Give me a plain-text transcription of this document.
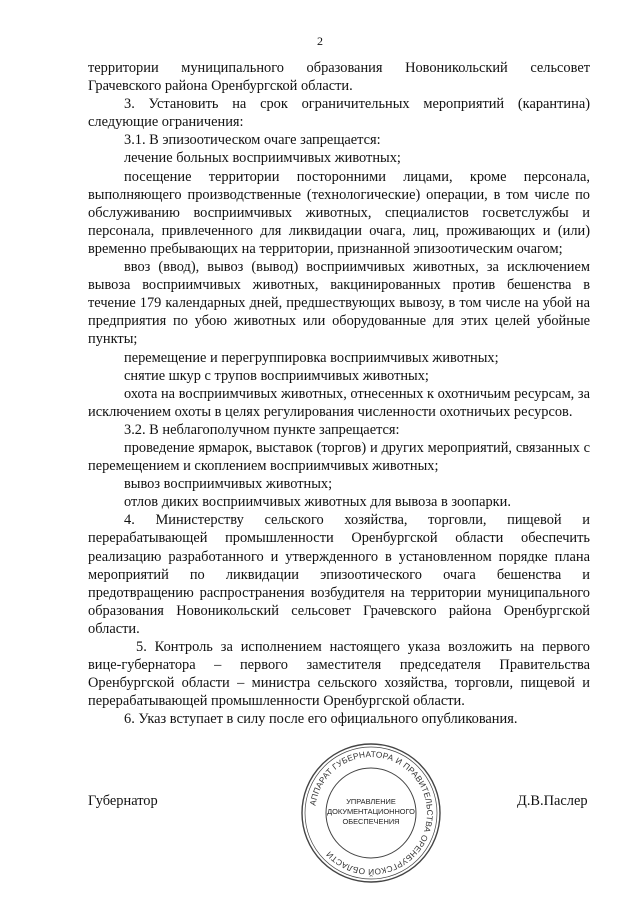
2

территории муниципального образования Новоникольский сельсовет Грачевского района Оренбургской области.

3. Установить на срок ограничительных мероприятий (карантина) следующие ограничения:

3.1. В эпизоотическом очаге запрещается:

лечение больных восприимчивых животных;

посещение территории посторонними лицами, кроме персонала, выполняющего производственные (технологические) операции, в том числе по обслуживанию восприимчивых животных, специалистов госветслужбы и персонала, привлеченного для ликвидации очага, лиц, проживающих и (или) временно пребывающих на территории, признанной эпизоотическим очагом;

ввоз (ввод), вывоз (вывод) восприимчивых животных, за исключением вывоза восприимчивых животных, вакцинированных против бешенства в течение 179 календарных дней, предшествующих вывозу, в том числе на убой на предприятия по убою животных или оборудованные для этих целей убойные пункты;

перемещение и перегруппировка восприимчивых животных;

снятие шкур с трупов восприимчивых животных;

охота на восприимчивых животных, отнесенных к охотничьим ресурсам, за исключением охоты в целях регулирования численности охотничьих ресурсов.

3.2. В неблагополучном пункте запрещается:

проведение ярмарок, выставок (торгов) и других мероприятий, связанных с перемещением и скоплением восприимчивых животных;

вывоз восприимчивых животных;

отлов диких восприимчивых животных для вывоза в зоопарки.

4. Министерству сельского хозяйства, торговли, пищевой и перерабатывающей промышленности Оренбургской области обеспечить реализацию разработанного и утвержденного в установленном порядке плана мероприятий по ликвидации эпизоотического очага бешенства и предотвращению распространения возбудителя на территории муниципального образования Новоникольский сельсовет Грачевского района Оренбургской области.

5. Контроль за исполнением настоящего указа возложить на первого вице-губернатора – первого заместителя председателя Правительства Оренбургской области – министра сельского хозяйства, торговли, пищевой и перерабатывающей промышленности Оренбургской области.

6. Указ вступает в силу после его официального опубликования.

Губернатор	Д.В.Паслер
АППАРАТ ГУБЕРНАТОРА И ПРАВИТЕЛЬСТВА ОРЕНБУРГСКОЙ ОБЛАСТИ
УПРАВЛЕНИЕ
ДОКУМЕНТАЦИОННОГО
ОБЕСПЕЧЕНИЯ
